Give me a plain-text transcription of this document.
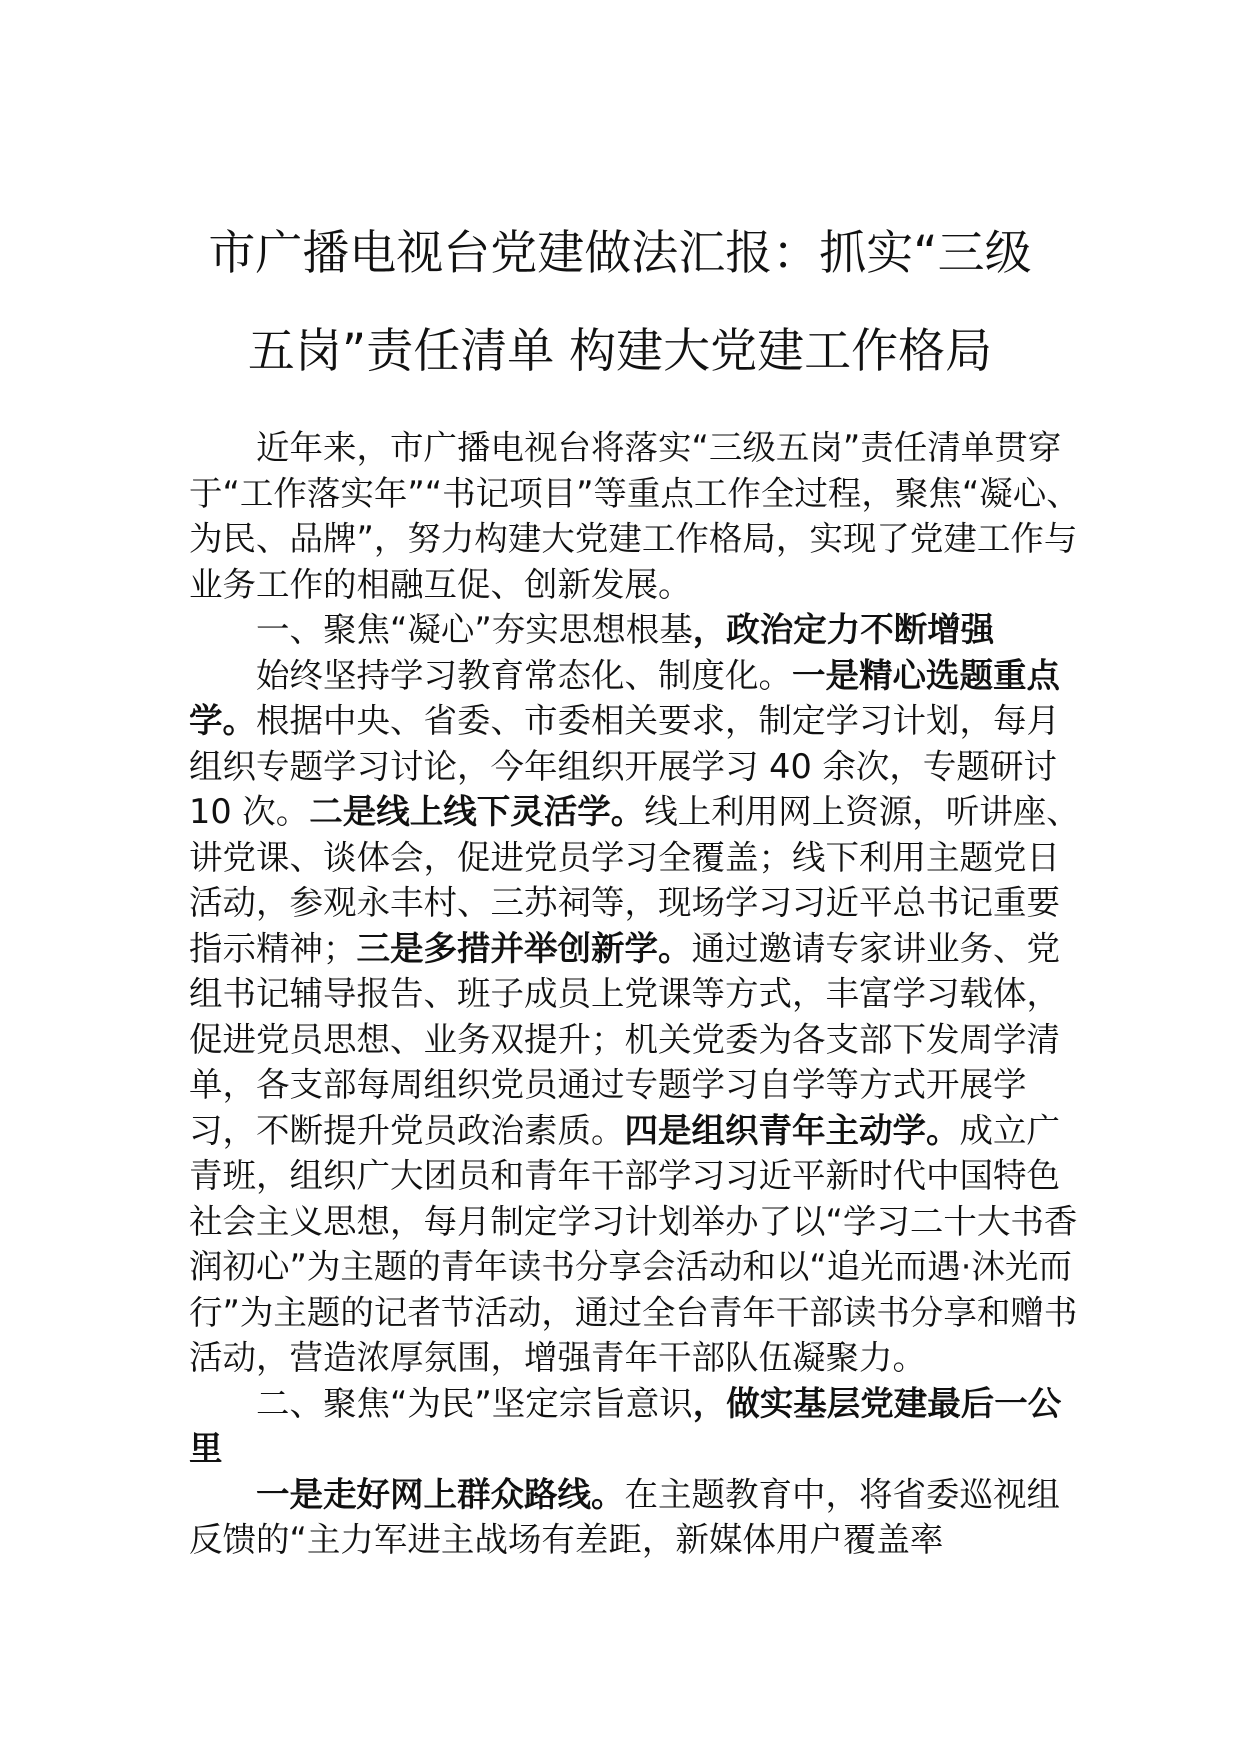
市广播电视台党建做法汇报：抓实“三级
五岗”责任清单 构建大党建工作格局

近年来，市广播电视台将落实“三级五岗”责任清单贯穿于“工作落实年”“书记项目”等重点工作全过程，聚焦“凝心、为民、品牌”，努力构建大党建工作格局，实现了党建工作与业务工作的相融互促、创新发展。

一、聚焦“凝心”夯实思想根基，政治定力不断增强

始终坚持学习教育常态化、制度化。一是精心选题重点学。根据中央、省委、市委相关要求，制定学习计划，每月组织专题学习讨论，今年组织开展学习 40 余次，专题研讨 10 次。二是线上线下灵活学。线上利用网上资源，听讲座、讲党课、谈体会，促进党员学习全覆盖；线下利用主题党日活动，参观永丰村、三苏祠等，现场学习习近平总书记重要指示精神；三是多措并举创新学。通过邀请专家讲业务、党组书记辅导报告、班子成员上党课等方式，丰富学习载体，促进党员思想、业务双提升；机关党委为各支部下发周学清单，各支部每周组织党员通过专题学习自学等方式开展学习，不断提升党员政治素质。四是组织青年主动学。成立广青班，组织广大团员和青年干部学习习近平新时代中国特色社会主义思想，每月制定学习计划举办了以“学习二十大书香润初心”为主题的青年读书分享会活动和以“追光而遇·沐光而行”为主题的记者节活动，通过全台青年干部读书分享和赠书活动，营造浓厚氛围，增强青年干部队伍凝聚力。

二、聚焦“为民”坚定宗旨意识，做实基层党建最后一公里

一是走好网上群众路线。在主题教育中，将省委巡视组反馈的“主力军进主战场有差距，新媒体用户覆盖率
